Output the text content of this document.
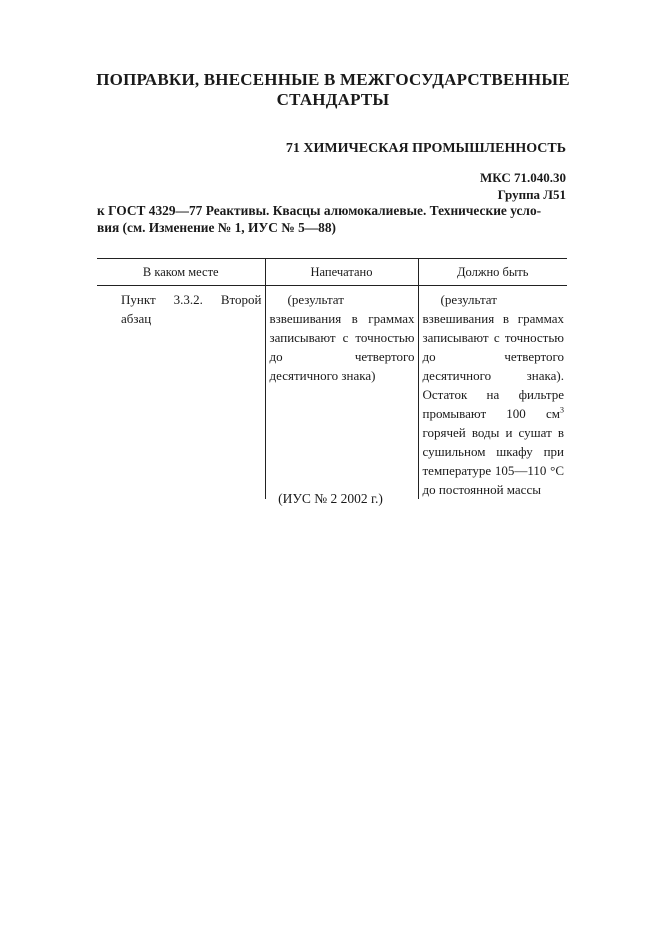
ПОПРАВКИ, ВНЕСЕННЫЕ В МЕЖГОСУДАРСТВЕННЫЕ
СТАНДАРТЫ
71 ХИМИЧЕСКАЯ ПРОМЫШЛЕННОСТЬ
МКС 71.040.30
Группа Л51
к ГОСТ 4329—77 Реактивы. Квасцы алюмокалиевые. Технические усло-
вия (см. Изменение № 1, ИУС № 5—88)
В каком месте	Напечатано	Должно быть
Пункт 3.3.2. Второй абзац	(результат взвешивания в граммах записывают с точностью до четвертого десятичного знака)	(результат взвешивания в граммах записывают с точностью до четвертого десятичного знака). Остаток на фильтре промывают 100 $см^3$ горячей воды и сушат в сушильном шкафу при температуре 105—110 °С до постоянной массы
(ИУС № 2 2002 г.)
